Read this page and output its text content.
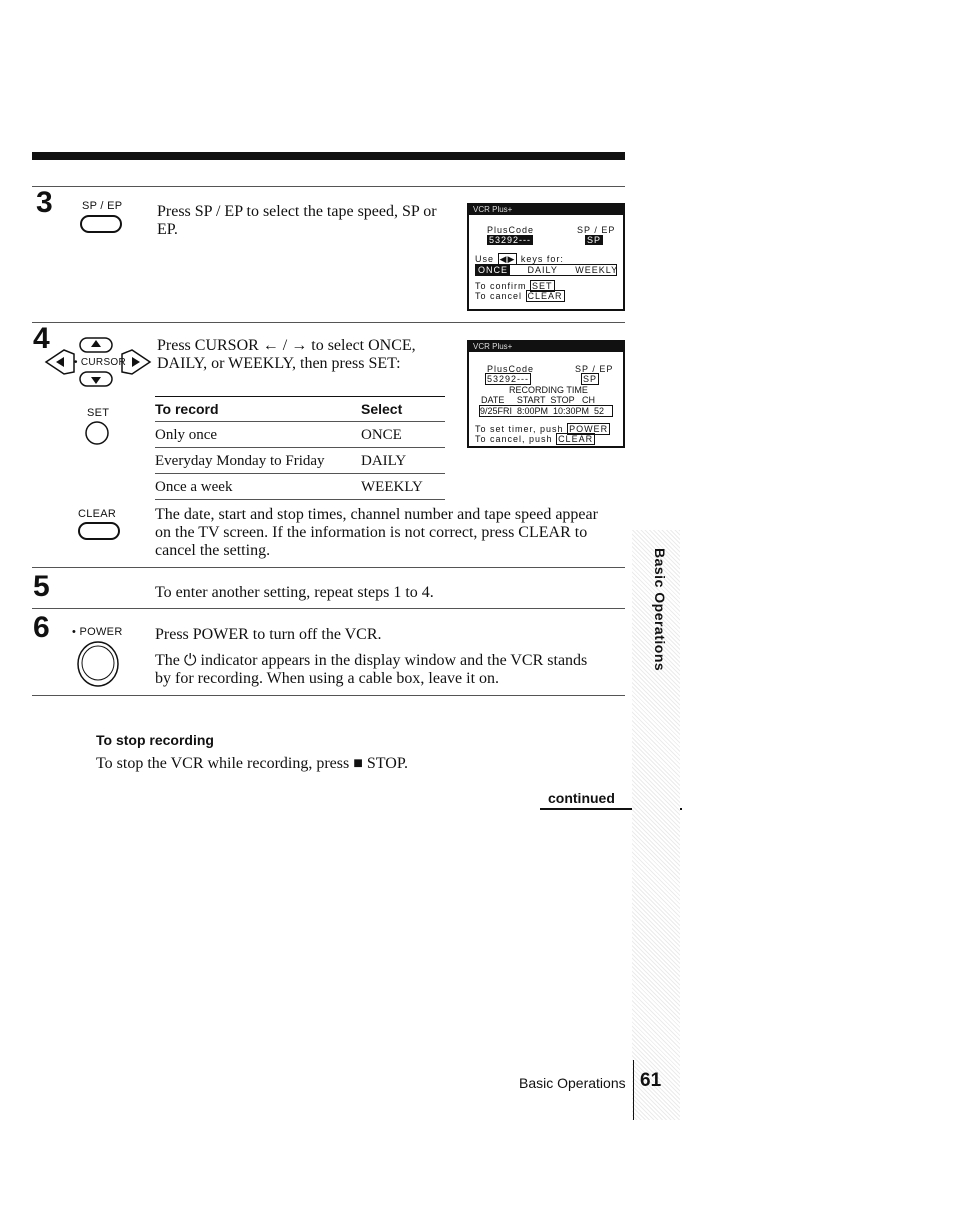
3	SP / EP Press SP / EP to select the tape speed, SP or EP.
VCR Plus+
PlusCode	SP / EP
53292---	SP
Use ◀▶ keys for:
ONCE DAILY WEEKLY
To confirm SET
To cancel CLEAR
4
• CURSOR
Press CURSOR ← / → to select ONCE, DAILY, or WEEKLY, then press SET:
SET	To record	Select
Only once	ONCE
Everyday Monday to Friday DAILY
Once a week	WEEKLY
VCR Plus+
PlusCode	SP / EP
53292---	SP
RECORDING TIME
DATE     START  STOP   CH
9/25FRI  8:00PM  10:30PM  52
To set timer, push POWER
To cancel, push CLEAR
CLEAR The date, start and stop times, channel number and tape speed appear on the TV screen. If the information is not correct, press CLEAR to cancel the setting.
5	To enter another setting, repeat steps 1 to 4.
6 • POWER Press POWER to turn off the VCR.
The ⏻ indicator appears in the display window and the VCR stands by for recording. When using a cable box, leave it on.
To stop recording
To stop the VCR while recording, press ■ STOP.
continued
Basic Operations
Basic Operations 61
